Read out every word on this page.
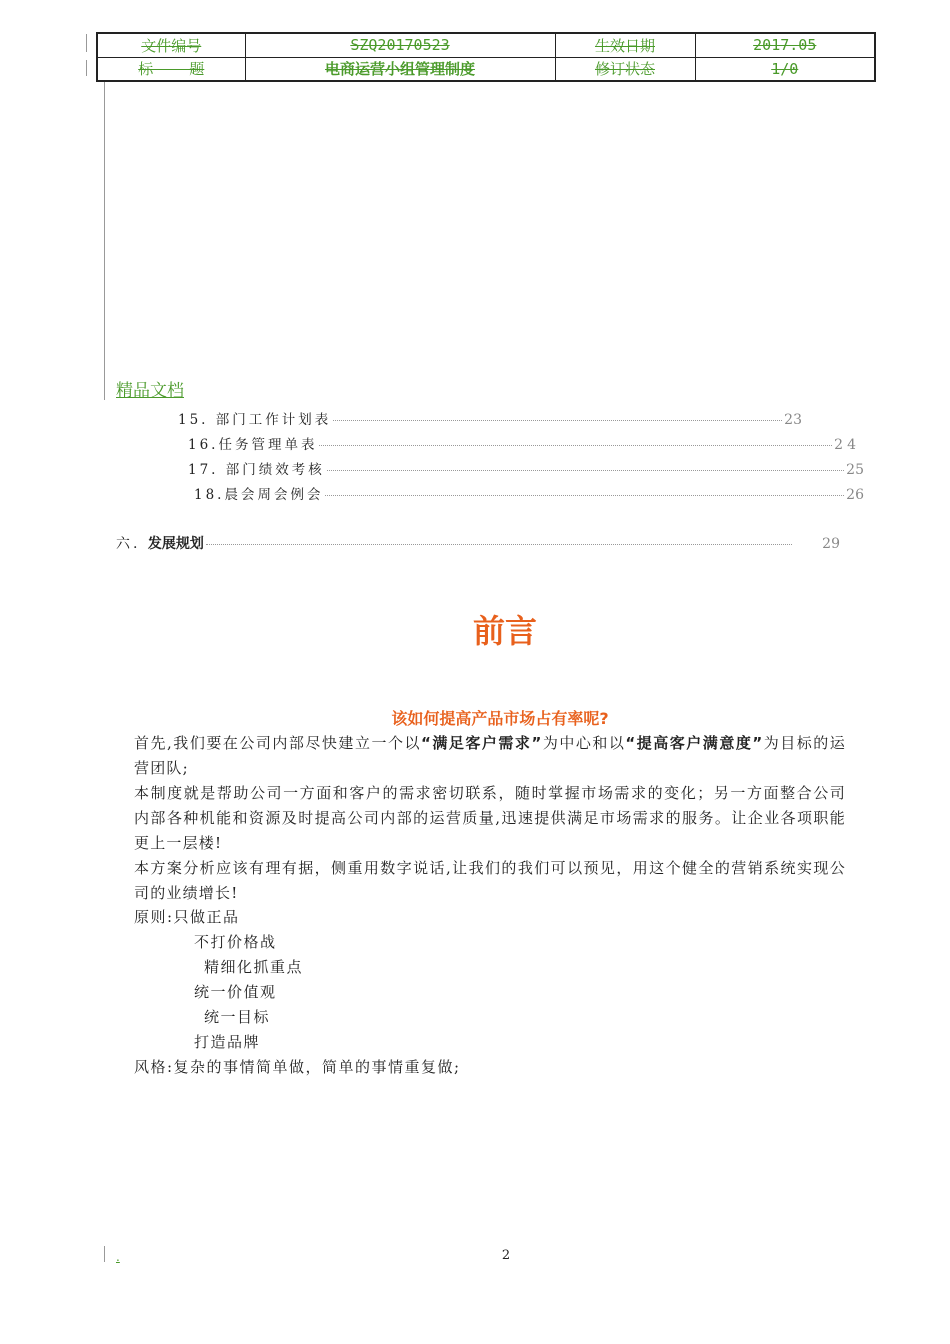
文件编号	SZQ20170523	生效日期	2017.05
标    题	电商运营小组管理制度	修订状态	1/0
精品文档
15. 部门工作计划表	23
16.任务管理单表	24
17. 部门绩效考核	25
18.晨会周会例会	26
六. 发展规划	29
前言
该如何提高产品市场占有率呢?
首先,我们要在公司内部尽快建立一个以“满足客户需求”为中心和以“提高客户满意度”为目标的运营团队;
本制度就是帮助公司一方面和客户的需求密切联系，随时掌握市场需求的变化；另一方面整合公司内部各种机能和资源及时提高公司内部的运营质量,迅速提供满足市场需求的服务。让企业各项职能更上一层楼!
本方案分析应该有理有据，侧重用数字说话,让我们的我们可以预见，用这个健全的营销系统实现公司的业绩增长!
原则:只做正品
不打价格战
精细化抓重点
统一价值观
统一目标
打造品牌
风格:复杂的事情简单做，简单的事情重复做;
.	2
